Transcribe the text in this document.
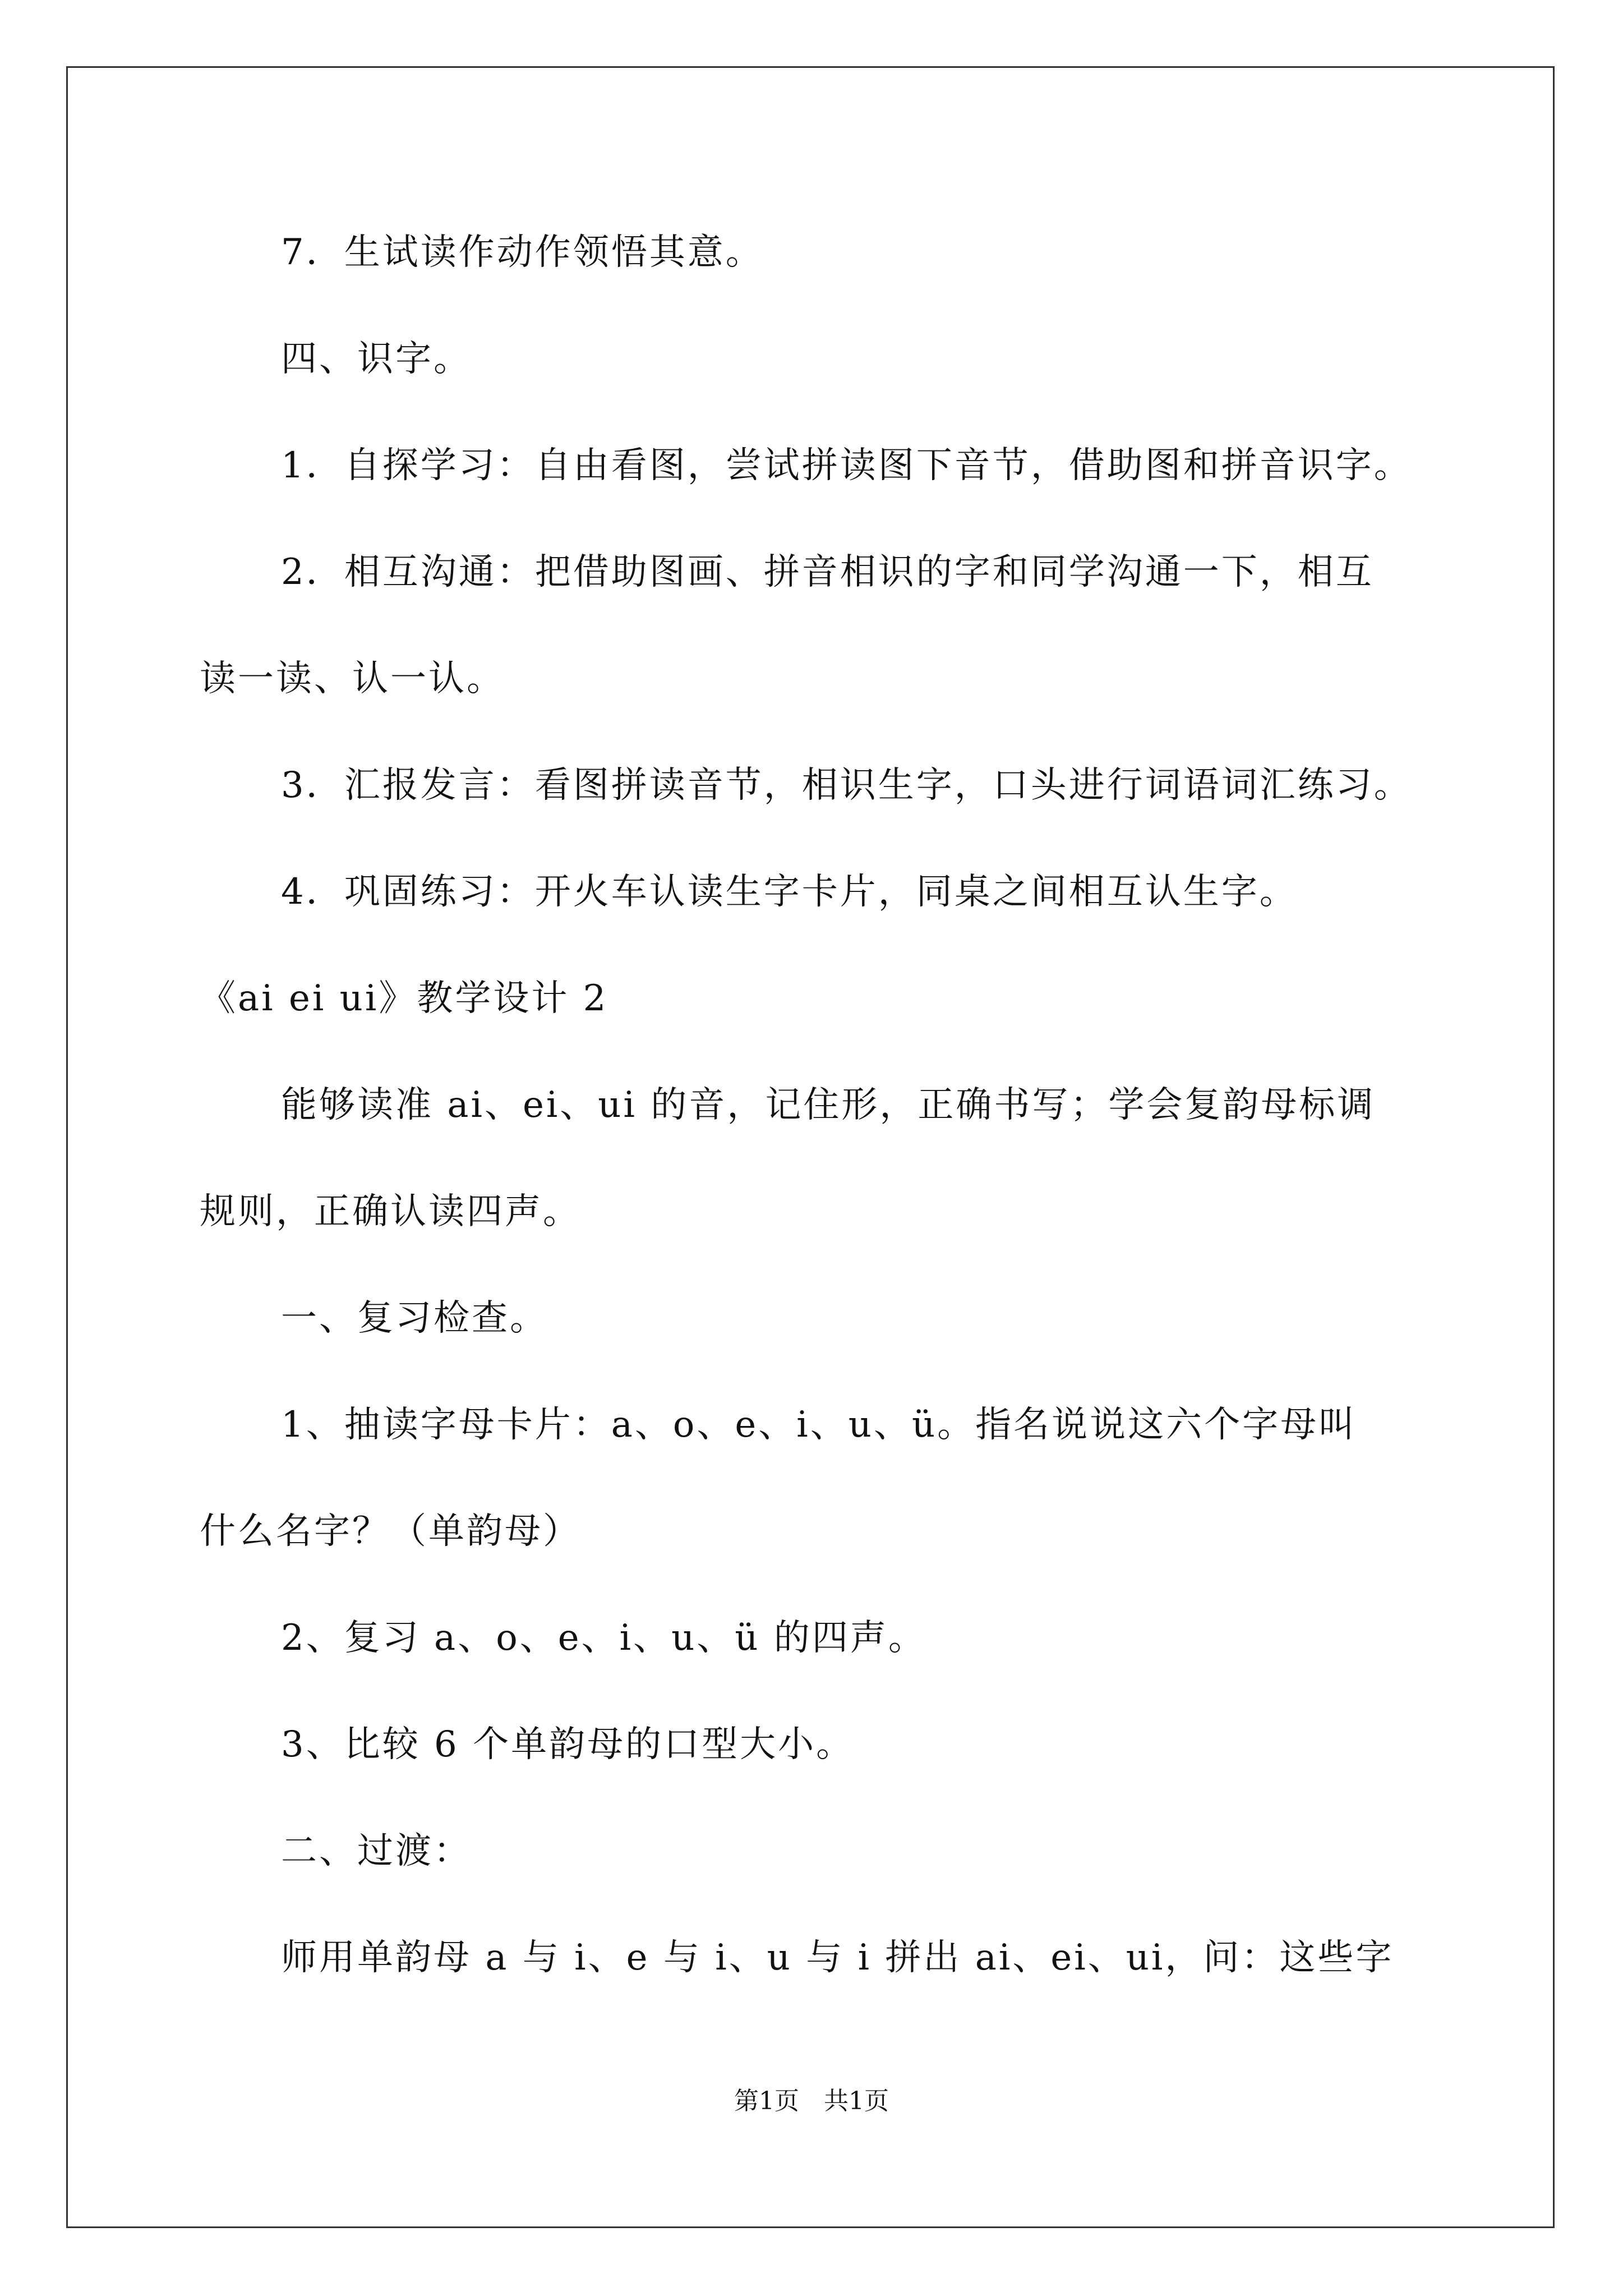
7．生试读作动作领悟其意。
四、识字。
1．自探学习：自由看图，尝试拼读图下音节，借助图和拼音识字。
2．相互沟通：把借助图画、拼音相识的字和同学沟通一下，相互
读一读、认一认。
3．汇报发言：看图拼读音节，相识生字，口头进行词语词汇练习。
4．巩固练习：开火车认读生字卡片，同桌之间相互认生字。
《ai ei ui》教学设计 2
能够读准 ai、ei、ui 的音，记住形，正确书写；学会复韵母标调
规则，正确认读四声。
一、复习检查。
1、抽读字母卡片：a、o、e、i、u、ü。指名说说这六个字母叫
什么名字？（单韵母）
2、复习 a、o、e、i、u、ü 的四声。
3、比较 6 个单韵母的口型大小。
二、过渡：
师用单韵母 a 与 i、e 与 i、u 与 i 拼出 ai、ei、ui，问：这些字
第1页　共1页
